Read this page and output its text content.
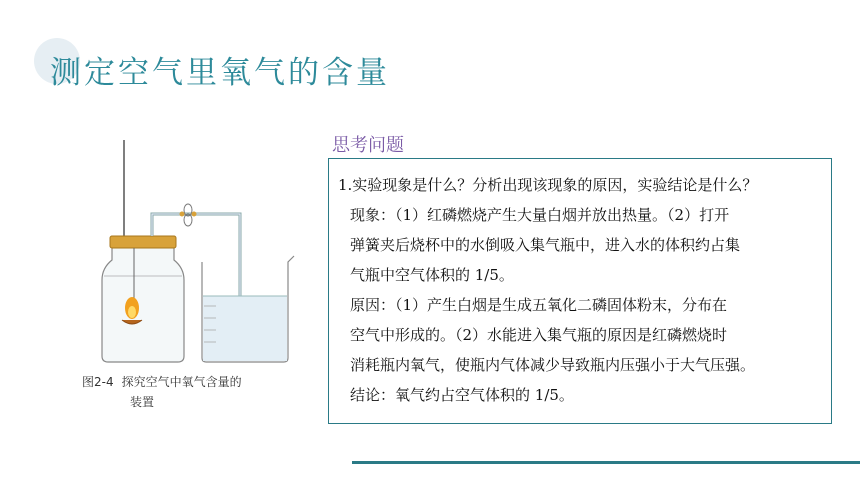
测定空气里氧气的含量
图2-4 探究空气中氧气含量的
装置
思考问题

1.实验现象是什么？分析出现该现象的原因，实验结论是什么？

现象：（1）红磷燃烧产生大量白烟并放出热量。（2）打开

弹簧夹后烧杯中的水倒吸入集气瓶中，进入水的体积约占集

气瓶中空气体积的 1/5。

原因：（1）产生白烟是生成五氧化二磷固体粉末，分布在

空气中形成的。（2）水能进入集气瓶的原因是红磷燃烧时

消耗瓶内氧气，使瓶内气体减少导致瓶内压强小于大气压强。

结论：氧气约占空气体积的 1/5。
